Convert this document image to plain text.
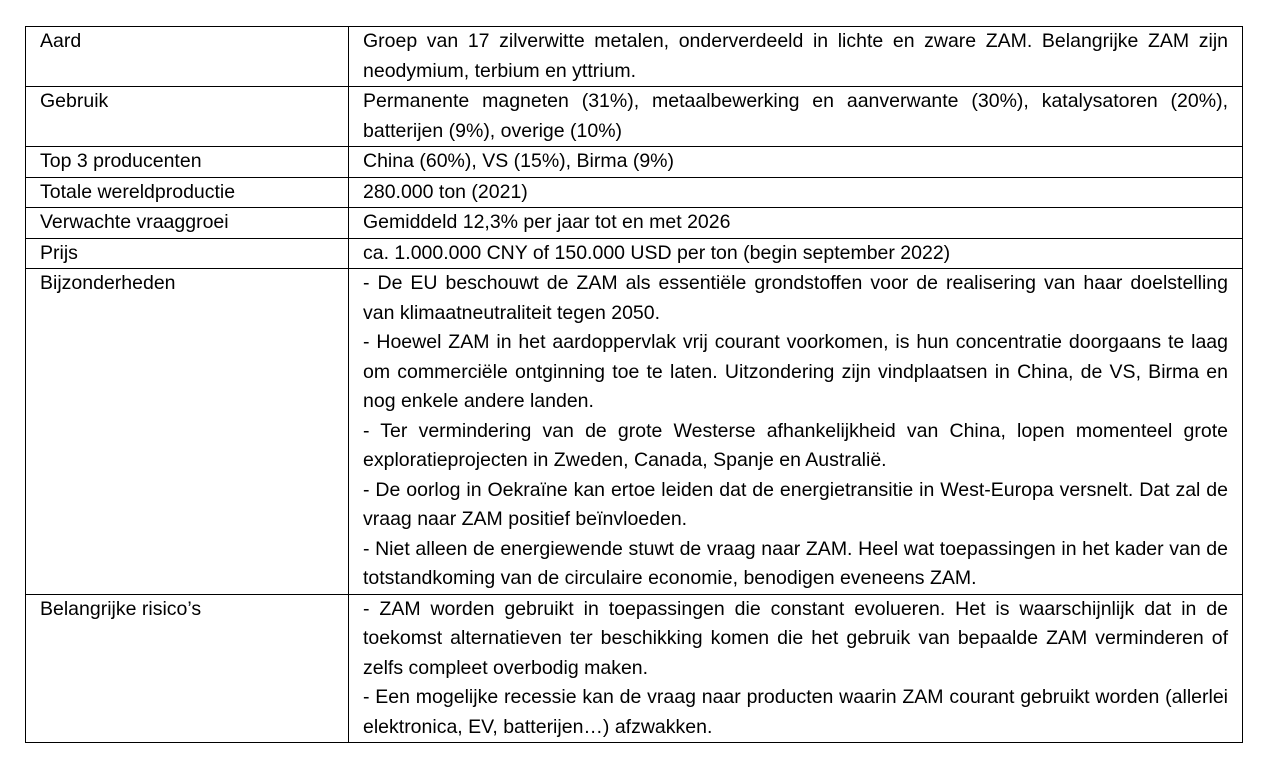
Aard	Groep van 17 zilverwitte metalen, onderverdeeld in lichte en zware ZAM. Belangrijke ZAM zijn neodymium, terbium en yttrium.

Gebruik	Permanente magneten (31%), metaalbewerking en aanverwante (30%), katalysatoren (20%), batterijen (9%), overige (10%)

Top 3 producenten	China (60%), VS (15%), Birma (9%)

Totale wereldproductie	280.000 ton (2021)

Verwachte vraaggroei	Gemiddeld 12,3% per jaar tot en met 2026

Prijs	ca. 1.000.000 CNY of 150.000 USD per ton (begin september 2022)

Bijzonderheden	- De EU beschouwt de ZAM als essentiële grondstoffen voor de realisering van haar doelstelling van klimaatneutraliteit tegen 2050.
- Hoewel ZAM in het aardoppervlak vrij courant voorkomen, is hun concentratie doorgaans te laag om commerciële ontginning toe te laten. Uitzondering zijn vindplaatsen in China, de VS, Birma en nog enkele andere landen.
- Ter vermindering van de grote Westerse afhankelijkheid van China, lopen momenteel grote exploratieprojecten in Zweden, Canada, Spanje en Australië.
- De oorlog in Oekraïne kan ertoe leiden dat de energietransitie in West-Europa versnelt. Dat zal de vraag naar ZAM positief beïnvloeden.
- Niet alleen de energiewende stuwt de vraag naar ZAM. Heel wat toepassingen in het kader van de totstandkoming van de circulaire economie, benodigen eveneens ZAM.

Belangrijke risico’s	- ZAM worden gebruikt in toepassingen die constant evolueren. Het is waarschijnlijk dat in de toekomst alternatieven ter beschikking komen die het gebruik van bepaalde ZAM verminderen of zelfs compleet overbodig maken.
- Een mogelijke recessie kan de vraag naar producten waarin ZAM courant gebruikt worden (allerlei elektronica, EV, batterijen…) afzwakken.
